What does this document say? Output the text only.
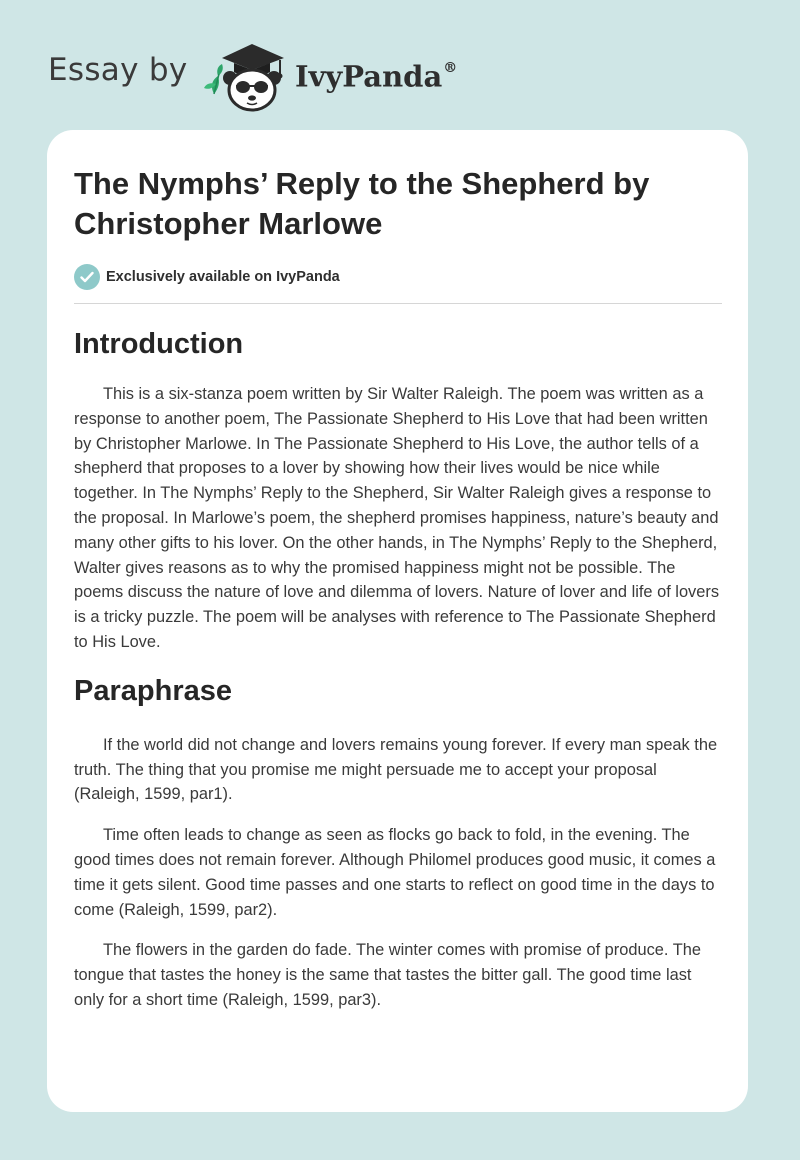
Essay by	IvyPanda®
The Nymphs’ Reply to the Shepherd by Christopher Marlowe
Exclusively available on IvyPanda
Introduction

This is a six-stanza poem written by Sir Walter Raleigh. The poem was written as a response to another poem, The Passionate Shepherd to His Love that had been written by Christopher Marlowe. In The Passionate Shepherd to His Love, the author tells of a shepherd that proposes to a lover by showing how their lives would be nice while together. In The Nymphs’ Reply to the Shepherd, Sir Walter Raleigh gives a response to the proposal. In Marlowe’s poem, the shepherd promises happiness, nature’s beauty and many other gifts to his lover. On the other hands, in The Nymphs’ Reply to the Shepherd, Walter gives reasons as to why the promised happiness might not be possible. The poems discuss the nature of love and dilemma of lovers. Nature of lover and life of lovers is a tricky puzzle. The poem will be analyses with reference to The Passionate Shepherd to His Love.

Paraphrase

If the world did not change and lovers remains young forever. If every man speak the truth. The thing that you promise me might persuade me to accept your proposal (Raleigh, 1599, par1).

Time often leads to change as seen as flocks go back to fold, in the evening. The good times does not remain forever. Although Philomel produces good music, it comes a time it gets silent. Good time passes and one starts to reflect on good time in the days to come (Raleigh, 1599, par2).

The flowers in the garden do fade. The winter comes with promise of produce. The tongue that tastes the honey is the same that tastes the bitter gall. The good time last only for a short time (Raleigh, 1599, par3).
